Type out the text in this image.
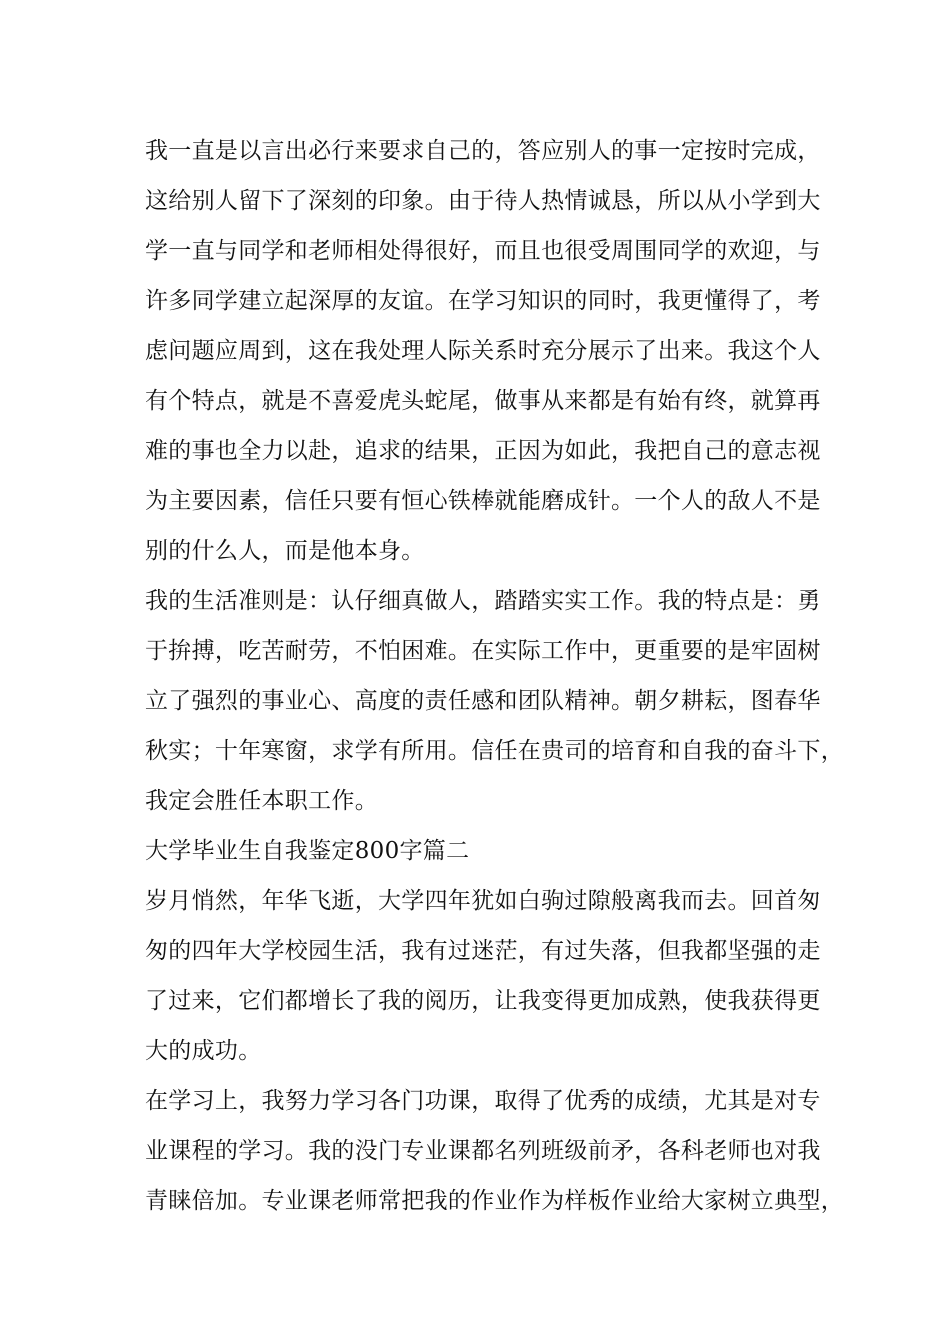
我一直是以言出必行来要求自己的，答应别人的事一定按时完成，
这给别人留下了深刻的印象。由于待人热情诚恳，所以从小学到大
学一直与同学和老师相处得很好，而且也很受周围同学的欢迎，与
许多同学建立起深厚的友谊。在学习知识的同时，我更懂得了，考
虑问题应周到，这在我处理人际关系时充分展示了出来。我这个人
有个特点，就是不喜爱虎头蛇尾，做事从来都是有始有终，就算再
难的事也全力以赴，追求的结果，正因为如此，我把自己的意志视
为主要因素，信任只要有恒心铁棒就能磨成针。一个人的敌人不是
别的什么人，而是他本身。
我的生活准则是：认仔细真做人，踏踏实实工作。我的特点是：勇
于拚搏，吃苦耐劳，不怕困难。在实际工作中，更重要的是牢固树
立了强烈的事业心、高度的责任感和团队精神。朝夕耕耘，图春华
秋实；十年寒窗，求学有所用。信任在贵司的培育和自我的奋斗下，
我定会胜任本职工作。
大学毕业生自我鉴定800字篇二
岁月悄然，年华飞逝，大学四年犹如白驹过隙般离我而去。回首匆
匆的四年大学校园生活，我有过迷茫，有过失落，但我都坚强的走
了过来，它们都增长了我的阅历，让我变得更加成熟，使我获得更
大的成功。
在学习上，我努力学习各门功课，取得了优秀的成绩，尤其是对专
业课程的学习。我的没门专业课都名列班级前矛，各科老师也对我
青睐倍加。专业课老师常把我的作业作为样板作业给大家树立典型，
